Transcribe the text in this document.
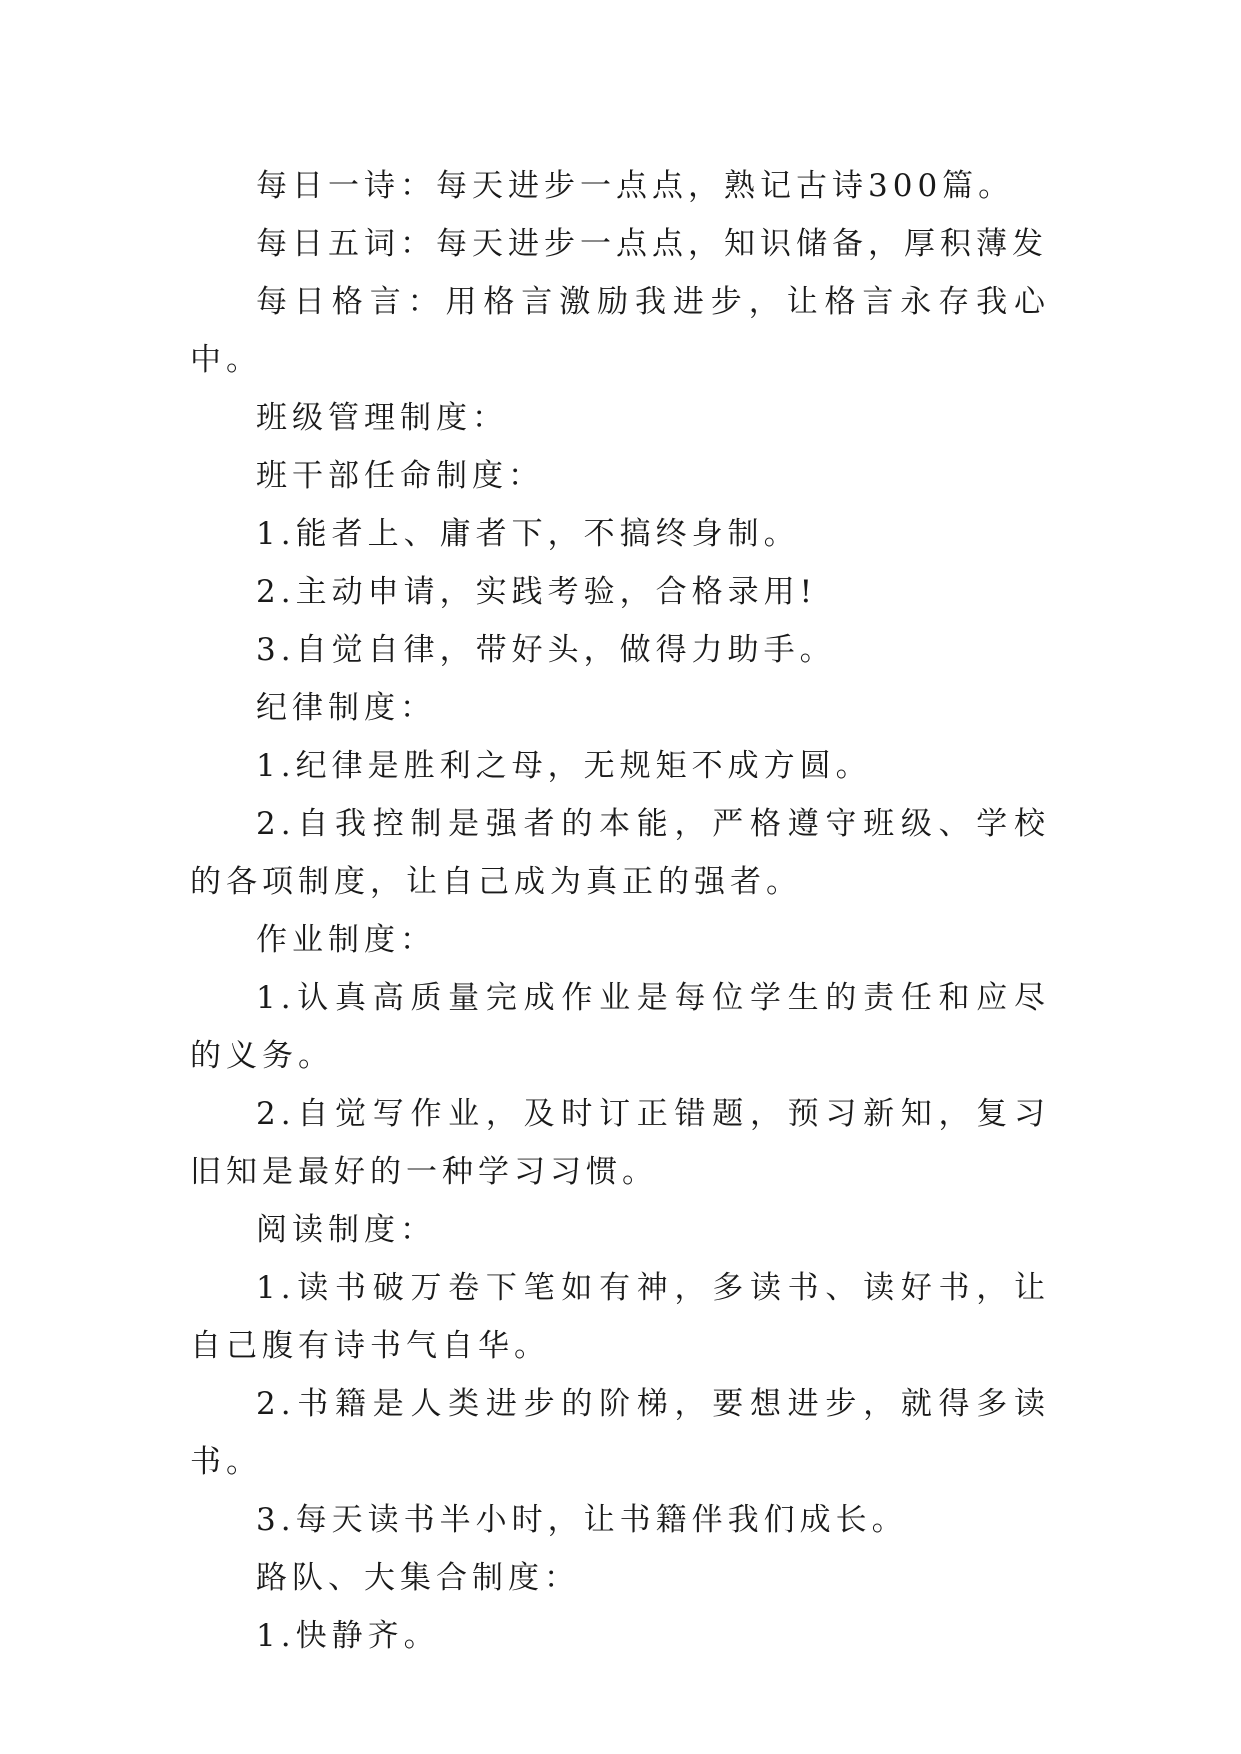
每日一诗：每天进步一点点，熟记古诗300篇。

每日五词：每天进步一点点，知识储备，厚积薄发

每日格言：用格言激励我进步，让格言永存我心中。

班级管理制度：

班干部任命制度：

1.能者上、庸者下，不搞终身制。

2.主动申请，实践考验，合格录用!

3.自觉自律，带好头，做得力助手。

纪律制度：

1.纪律是胜利之母，无规矩不成方圆。

2.自我控制是强者的本能，严格遵守班级、学校的各项制度，让自己成为真正的强者。

作业制度：

1.认真高质量完成作业是每位学生的责任和应尽的义务。

2.自觉写作业，及时订正错题，预习新知，复习旧知是最好的一种学习习惯。

阅读制度：

1.读书破万卷下笔如有神，多读书、读好书，让自己腹有诗书气自华。

2.书籍是人类进步的阶梯，要想进步，就得多读书。

3.每天读书半小时，让书籍伴我们成长。

路队、大集合制度：

1.快静齐。
